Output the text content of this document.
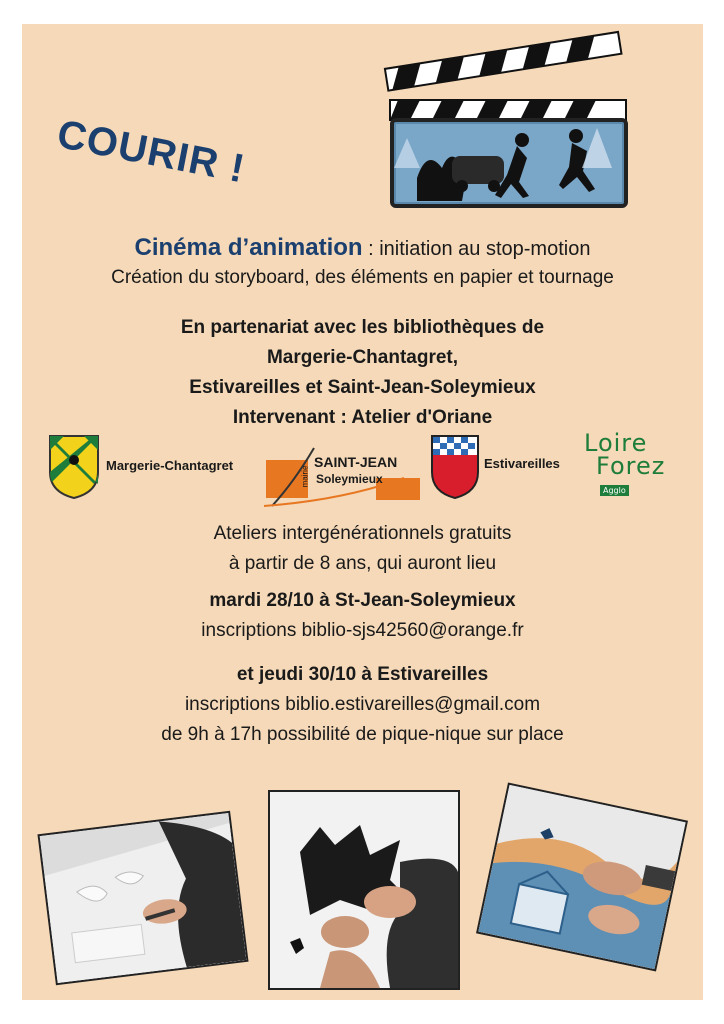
COURIR !
Cinéma d’animation : initiation au stop-motion
Création du storyboard, des éléments en papier et tournage
En partenariat avec les bibliothèques de
Margerie-Chantagret,
Estivareilles et Saint-Jean-Soleymieux
Intervenant : Atelier d'Oriane
Margerie-Chantagret
mairie
SAINT-JEAN
Soleymieux
Estivareilles
Loire
Forez
Agglo
Ateliers intergénérationnels gratuits
à partir de 8 ans, qui auront lieu
mardi 28/10 à St-Jean-Soleymieux
inscriptions biblio-sjs42560@orange.fr
et jeudi 30/10 à Estivareilles
inscriptions biblio.estivareilles@gmail.com
de 9h à 17h possibilité de pique-nique sur place
